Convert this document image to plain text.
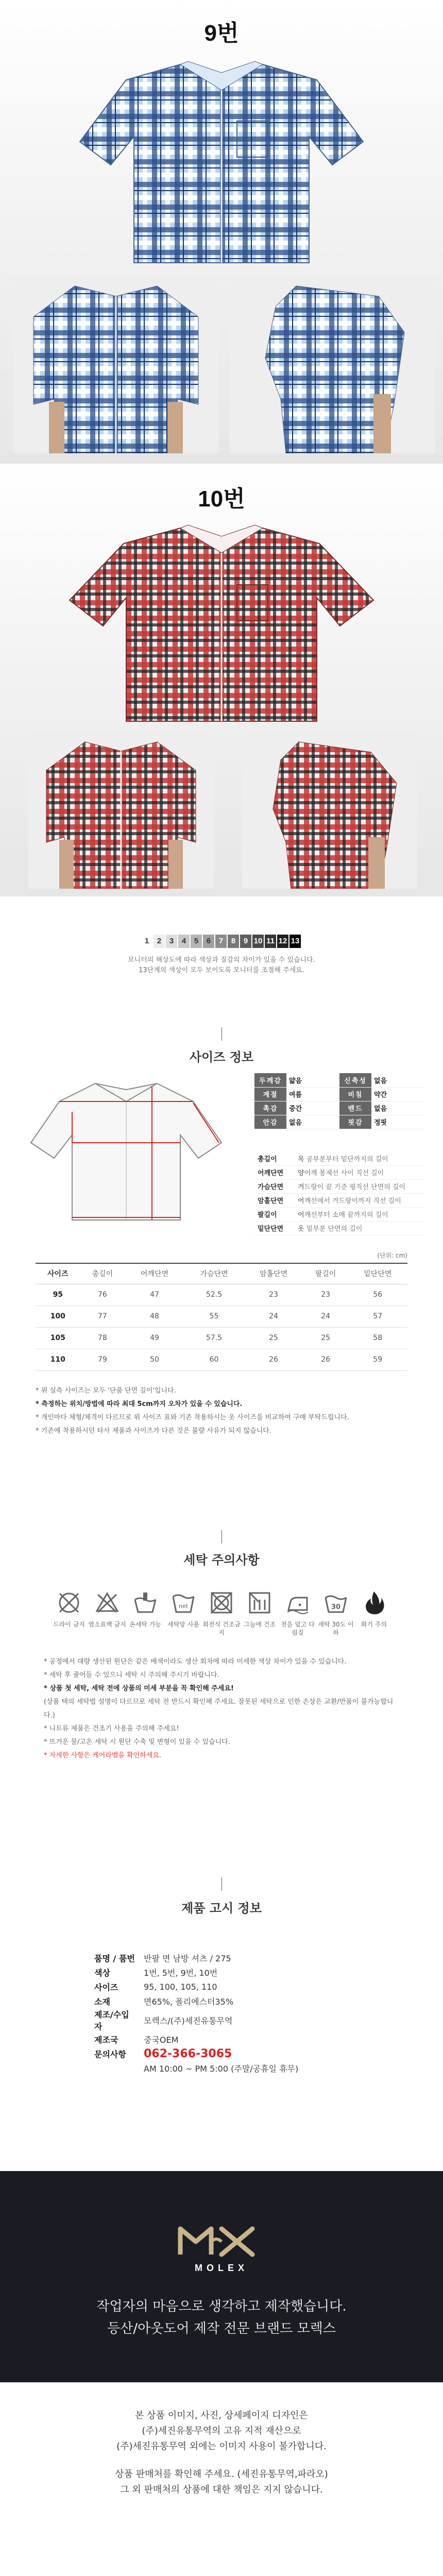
9번
10번
1	2	3	4	5	6	7	8	9 10 11 12 13
모니터의 해상도에 따라 색상과 질감의 차이가 있을 수 있습니다.
13단계의 색상이 모두 보이도록 모니터를 조절해 주세요.
사이즈 정보
두께감	얇음	신축성	없음
계절	여름	비침	약간
촉감	중간	밴드	없음
안감	없음	핏감	정핏
총길이	목 공부분부터 밑단까지의 길이
어깨단면	양어깨 봉제선 사이 직선 길이
가슴단면	겨드랑이 끝 기준 평직선 단면의 길이
암홀단면	어깨선에서 겨드랑이까지 직선 길이
팔길이	어깨선부터 소매 끝까지의 길이
밑단단면	옷 밑부분 단면의 길이
(단위: cm)
사이즈	총길이	어깨단면	가슴단면	암홀단면	팔길이	밑단단면
95	76	47	52.5	23	23	56
100	77	48	55	24	24	57
105	78	49	57.5	25	25	58
110	79	50	60	26	26	59
* 위 실측 사이즈는 모두 '단품 단면 길이'입니다.
* 측정하는 위치/방법에 따라 최대 5cm까지 오차가 있을 수 있습니다.
* 개인마다 체형/체격이 다르므로 위 사이즈 표와 기존 착용하시는 옷 사이즈를 비교하여 구매 부탁드립니다.
* 기존에 착용하시던 타사 제품과 사이즈가 다른 것은 불량 사유가 되지 않습니다.
세탁 주의사항
드라이 금지 염소표백 금지 손세탁 가능
net
세탁망 사용 회전식 건조금지
그늘에 건조 천을 덮고 다림질
30
세탁 30도 이하
화기 주의
* 공정에서 대량 생산된 원단은 같은 배색이라도 생산 회차에 따라 미세한 색상 차이가 있을 수 있습니다.
* 세탁 후 줄어들 수 있으니 세탁 시 주의해 주시기 바랍니다.
* 상품 첫 세탁, 세탁 전에 상품의 미세 부분을 꼭 확인해 주세요!
(상품 택의 세탁법 설명이 다르므로 세탁 전 반드시 확인해 주세요. 잘못된 세탁으로 인한 손상은 교환/반품이 불가능합니다.)
* 니트류 제품은 건조기 사용을 주의해 주세요!
* 뜨거운 물/고온 세탁 시 원단 수축 및 변형이 있을 수 있습니다.
* 자세한 사항은 케어라벨을 확인하세요.
제품 고시 정보
품명 / 품번	반팔 면 남방 셔츠 / 275
색상	1번, 5번, 9번, 10번
사이즈	95, 100, 105, 110
소재	면65%, 폴리에스터35%
제조/수입자	모렉스/(주)세진유통무역
제조국	중국OEM
문의사항	062-366-3065
	AM 10:00 ~ PM 5:00 (주말/공휴일 휴무)
MOLEX
작업자의 마음으로 생각하고 제작했습니다.
등산/아웃도어 제작 전문 브랜드 모렉스
본 상품 이미지, 사진, 상세페이지 디자인은
(주)세진유통무역의 고유 지적 재산으로
(주)세진유통무역 외에는 이미지 사용이 불가합니다.
상품 판매처를 확인해 주세요. (세진유통무역,파라오)
그 외 판매처의 상품에 대한 책임은 지지 않습니다.
